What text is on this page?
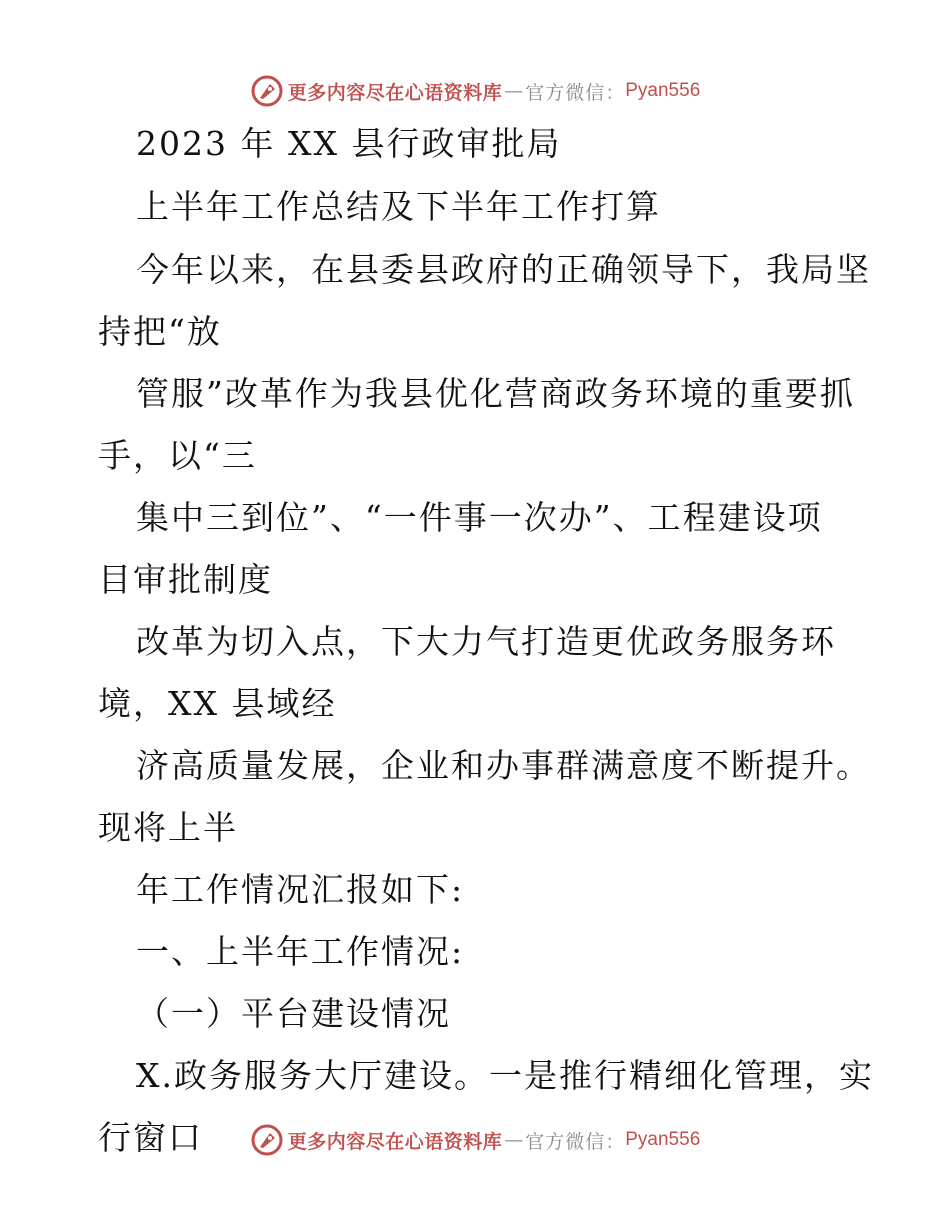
更多内容尽在心语资料库 — 官方微信： Pyan556
2023 年 XX 县行政审批局
上半年工作总结及下半年工作打算
今年以来，在县委县政府的正确领导下，我局坚
持把“放
管服”改革作为我县优化营商政务环境的重要抓
手，以“三
集中三到位”、“一件事一次办”、工程建设项
目审批制度
改革为切入点，下大力气打造更优政务服务环
境，XX 县域经
济高质量发展，企业和办事群满意度不断提升。
现将上半
年工作情况汇报如下:
一、上半年工作情况:
（一）平台建设情况
X.政务服务大厅建设。一是推行精细化管理，实
行窗口	更多内容尽在心语资料库 — 官方微信： Pyan556
